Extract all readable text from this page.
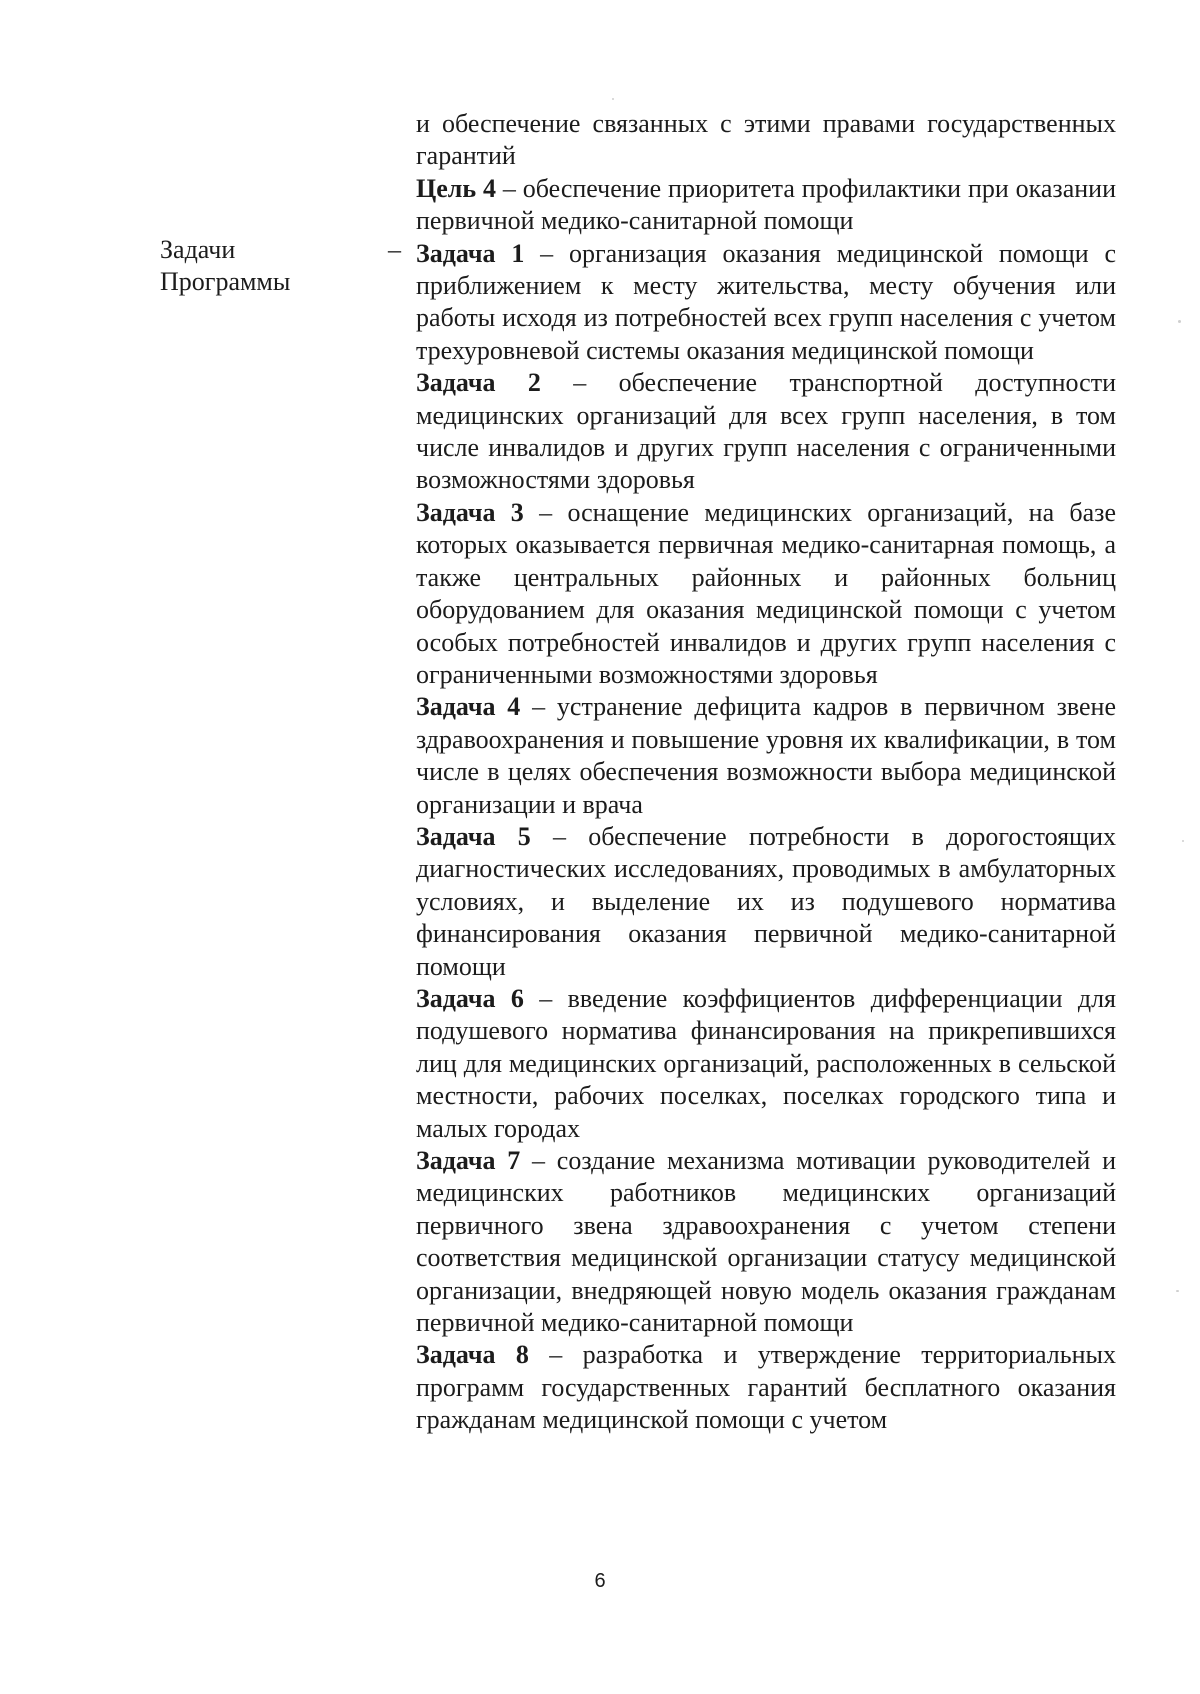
Задачи
Программы
–

и обеспечение связанных с этими правами государственных гарантий

Цель 4 – обеспечение приоритета профилактики при оказании первичной медико-санитарной помощи

Задача 1 – организация оказания медицинской помощи с приближением к месту жительства, месту обучения или работы исходя из потребностей всех групп населения с учетом трехуровневой системы оказания медицинской помощи

Задача 2 – обеспечение транспортной доступности медицинских организаций для всех групп населения, в том числе инвалидов и других групп населения с ограниченными возможностями здоровья

Задача 3 – оснащение медицинских организаций, на базе которых оказывается первичная медико-санитарная помощь, а также центральных районных и районных больниц оборудованием для оказания медицинской помощи с учетом особых потребностей инвалидов и других групп населения с ограниченными возможностями здоровья

Задача 4 – устранение дефицита кадров в первичном звене здравоохранения и повышение уровня их квалификации, в том числе в целях обеспечения возможности выбора медицинской организации и врача

Задача 5 – обеспечение потребности в дорогостоящих диагностических исследованиях, проводимых в амбулаторных условиях, и выделение их из подушевого норматива финансирования оказания первичной медико-санитарной помощи

Задача 6 – введение коэффициентов дифференциации для подушевого норматива финансирования на прикрепившихся лиц для медицинских организаций, расположенных в сельской местности, рабочих поселках, поселках городского типа и малых городах

Задача 7 – создание механизма мотивации руководителей и медицинских работников медицинских организаций первичного звена здравоохранения с учетом степени соответствия медицинской организации статусу медицинской организации, внедряющей новую модель оказания гражданам первичной медико-санитарной помощи

Задача 8 – разработка и утверждение территориальных программ государственных гарантий бесплатного оказания гражданам медицинской помощи с учетом

6
